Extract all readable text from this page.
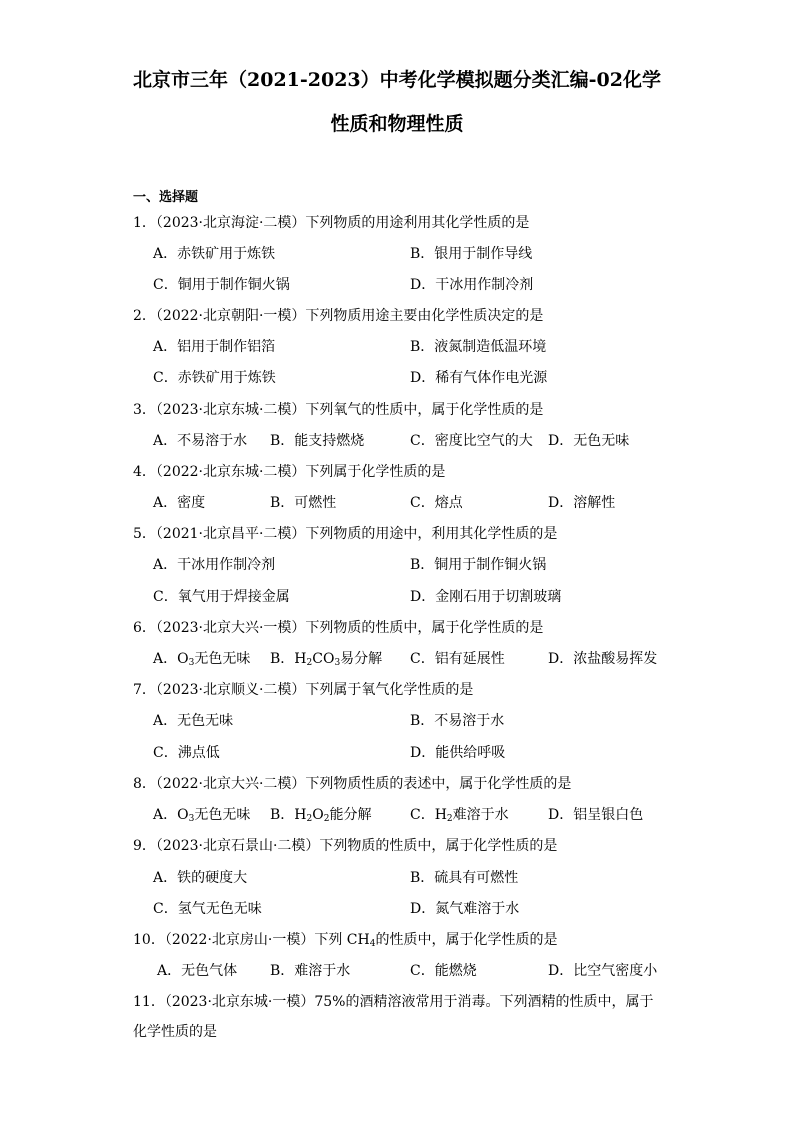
北京市三年（2021-2023）中考化学模拟题分类汇编-02化学
性质和物理性质
一、选择题
1．（2023·北京海淀·二模）下列物质的用途利用其化学性质的是
A．赤铁矿用于炼铁	B．银用于制作导线
C．铜用于制作铜火锅	D．干冰用作制冷剂
2．（2022·北京朝阳·一模）下列物质用途主要由化学性质决定的是
A．铝用于制作铝箔	B．液氮制造低温环境
C．赤铁矿用于炼铁	D．稀有气体作电光源
3．（2023·北京东城·二模）下列氧气的性质中，属于化学性质的是
A．不易溶于水 B．能支持燃烧	C．密度比空气的大 D．无色无味
4．（2022·北京东城·二模）下列属于化学性质的是
A．密度	B．可燃性	C．熔点	D．溶解性
5．（2021·北京昌平·二模）下列物质的用途中，利用其化学性质的是
A．干冰用作制冷剂	B．铜用于制作铜火锅
C．氧气用于焊接金属	D．金刚石用于切割玻璃
6．（2023·北京大兴·一模）下列物质的性质中，属于化学性质的是
A．$O_3$无色无味 B．$H_2CO_3$易分解 C．铝有延展性	D．浓盐酸易挥发
7．（2023·北京顺义·二模）下列属于氧气化学性质的是
A．无色无味	B．不易溶于水
C．沸点低	D．能供给呼吸
8．（2022·北京大兴·二模）下列物质性质的表述中，属于化学性质的是
A．$O_3$无色无味 B．$H_2O_2$能分解	C．$H_2$难溶于水	D．铝呈银白色
9．（2023·北京石景山·二模）下列物质的性质中，属于化学性质的是
A．铁的硬度大	B．硫具有可燃性
C．氢气无色无味	D．氮气难溶于水
10．（2022·北京房山·一模）下列 $CH_4$的性质中，属于化学性质的是
A．无色气体 B．难溶于水	C．能燃烧	D．比空气密度小
11．（2023·北京东城·一模）75%的酒精溶液常用于消毒。下列酒精的性质中，属于化学性质的是
